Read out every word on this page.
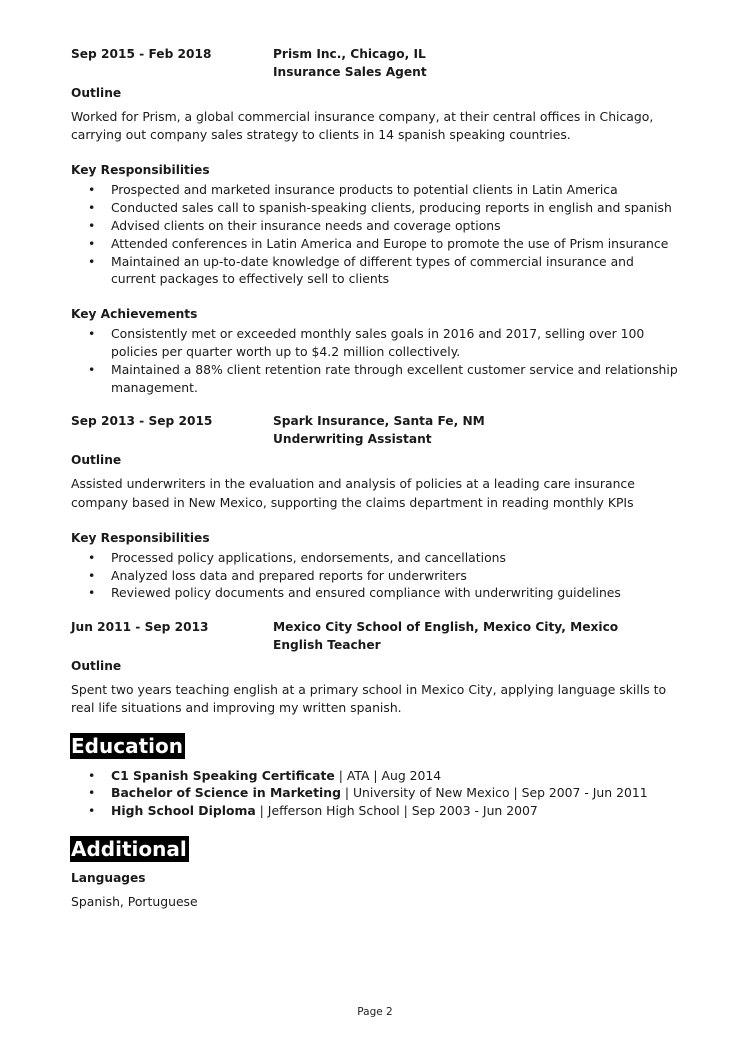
Sep 2015 - Feb 2018	Prism Inc., Chicago, IL
Insurance Sales Agent
Outline
Worked for Prism, a global commercial insurance company, at their central offices in Chicago, carrying out company sales strategy to clients in 14 spanish speaking countries.
Key Responsibilities
• Prospected and marketed insurance products to potential clients in Latin America
• Conducted sales call to spanish-speaking clients, producing reports in english and spanish
• Advised clients on their insurance needs and coverage options
• Attended conferences in Latin America and Europe to promote the use of Prism insurance
• Maintained an up-to-date knowledge of different types of commercial insurance and current packages to effectively sell to clients
Key Achievements
• Consistently met or exceeded monthly sales goals in 2016 and 2017, selling over 100 policies per quarter worth up to $4.2 million collectively.
• Maintained a 88% client retention rate through excellent customer service and relationship management.
Sep 2013 - Sep 2015	Spark Insurance, Santa Fe, NM
Underwriting Assistant
Outline
Assisted underwriters in the evaluation and analysis of policies at a leading care insurance company based in New Mexico, supporting the claims department in reading monthly KPIs
Key Responsibilities
• Processed policy applications, endorsements, and cancellations
• Analyzed loss data and prepared reports for underwriters
• Reviewed policy documents and ensured compliance with underwriting guidelines
Jun 2011 - Sep 2013	Mexico City School of English, Mexico City, Mexico
English Teacher
Outline
Spent two years teaching english at a primary school in Mexico City, applying language skills to real life situations and improving my written spanish.
Education
• C1 Spanish Speaking Certificate | ATA | Aug 2014
• Bachelor of Science in Marketing | University of New Mexico | Sep 2007 - Jun 2011
• High School Diploma | Jefferson High School | Sep 2003 - Jun 2007
Additional
Languages
Spanish, Portuguese
Page 2
